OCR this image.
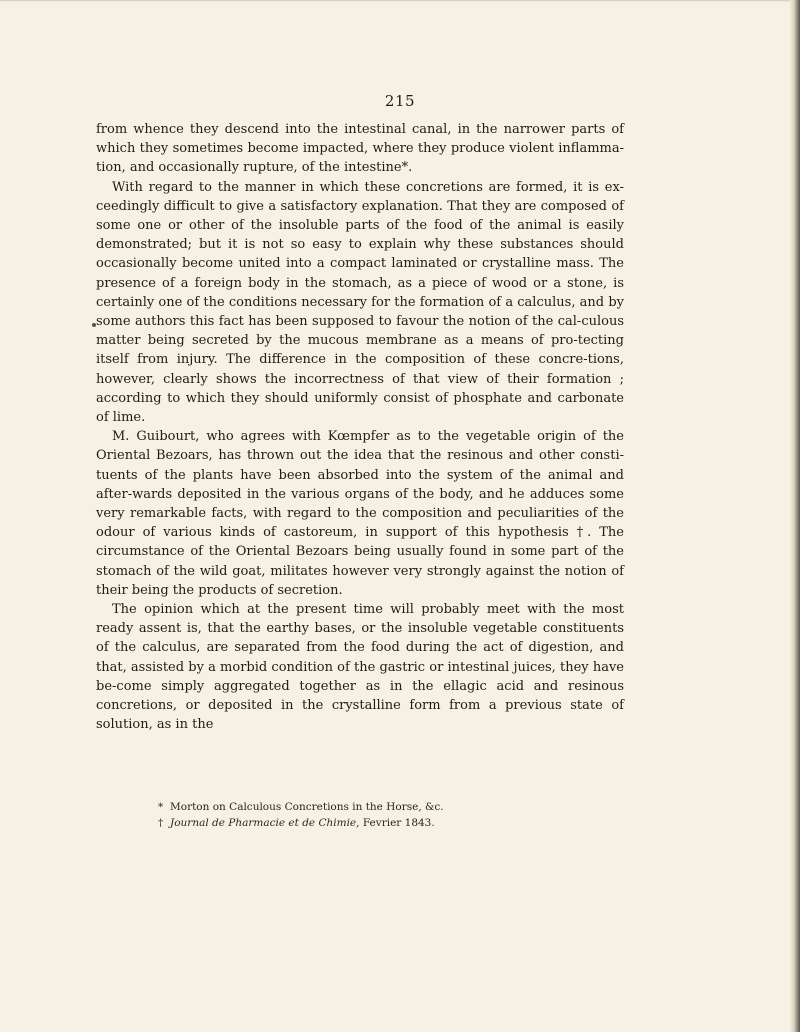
215

from whence they descend into the intestinal canal, in the narrower parts of which they sometimes become impacted, where they produce violent inflamma-tion, and occasionally rupture, of the intestine*.

With regard to the manner in which these concretions are formed, it is ex-ceedingly difficult to give a satisfactory explanation. That they are composed of some one or other of the insoluble parts of the food of the animal is easily demonstrated; but it is not so easy to explain why these substances should occasionally become united into a compact laminated or crystalline mass. The presence of a foreign body in the stomach, as a piece of wood or a stone, is certainly one of the conditions necessary for the formation of a calculus, and by some authors this fact has been supposed to favour the notion of the cal-culous matter being secreted by the mucous membrane as a means of pro-tecting itself from injury. The difference in the composition of these concre-tions, however, clearly shows the incorrectness of that view of their formation ; according to which they should uniformly consist of phosphate and carbonate of lime.

M. Guibourt, who agrees with Kœmpfer as to the vegetable origin of the Oriental Bezoars, has thrown out the idea that the resinous and other consti-tuents of the plants have been absorbed into the system of the animal and after-wards deposited in the various organs of the body, and he adduces some very remarkable facts, with regard to the composition and peculiarities of the odour of various kinds of castoreum, in support of this hypothesis †. The circumstance of the Oriental Bezoars being usually found in some part of the stomach of the wild goat, militates however very strongly against the notion of their being the products of secretion.

The opinion which at the present time will probably meet with the most ready assent is, that the earthy bases, or the insoluble vegetable constituents of the calculus, are separated from the food during the act of digestion, and that, assisted by a morbid condition of the gastric or intestinal juices, they have be-come simply aggregated together as in the ellagic acid and resinous concretions, or deposited in the crystalline form from a previous state of solution, as in the

* Morton on Calculous Concretions in the Horse, &c.

† Journal de Pharmacie et de Chimie, Fevrier 1843.
